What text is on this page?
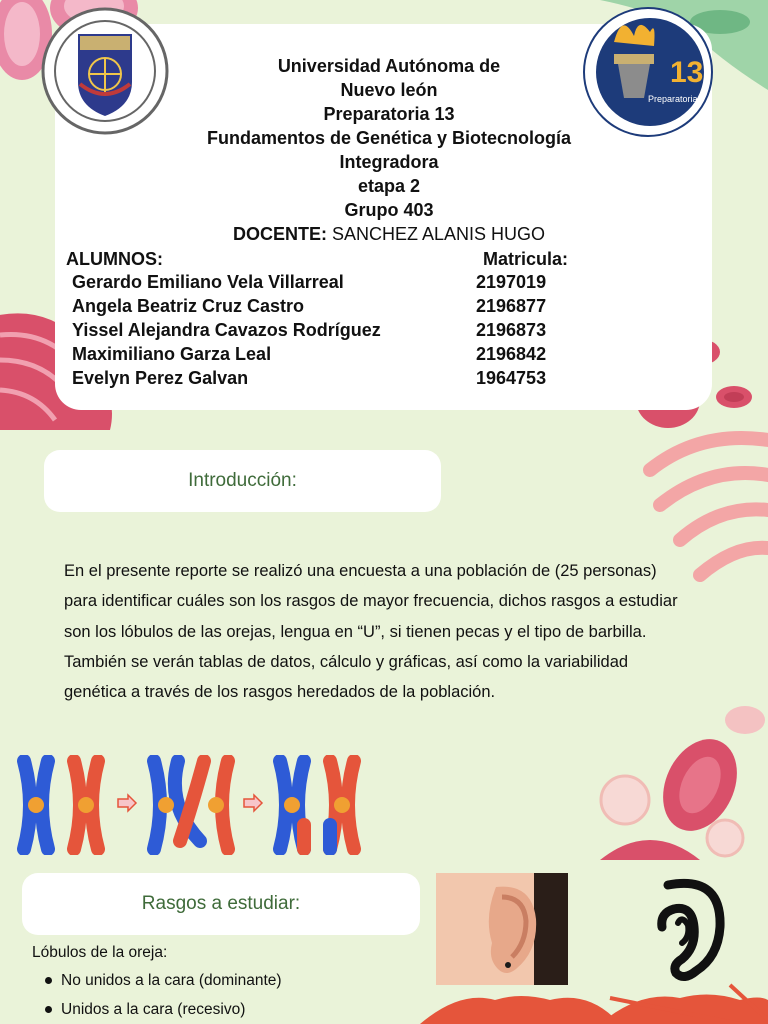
13
Preparatoria
Universidad Autónoma de
Nuevo león
Preparatoria 13
Fundamentos de Genética y Biotecnología
Integradora
etapa 2
Grupo 403
DOCENTE: SANCHEZ ALANIS HUGO
ALUMNOS:	Matricula:
Gerardo Emiliano Vela Villarreal	2197019
Angela Beatriz Cruz Castro	2196877
Yissel Alejandra Cavazos Rodríguez	2196873
Maximiliano Garza Leal	2196842
Evelyn Perez Galvan	1964753
Introducción:

En el presente reporte se realizó una encuesta a una población de (25 personas) para identificar cuáles son los rasgos de mayor frecuencia, dichos rasgos a estudiar son los lóbulos de las orejas, lengua en “U”, si tienen pecas y el tipo de barbilla.

También se verán tablas de datos, cálculo y gráficas, así como la variabilidad genética a través de los rasgos heredados de la población.

Rasgos a estudiar:
Lóbulos de la oreja:
No unidos a la cara (dominante)
Unidos a la cara (recesivo)
